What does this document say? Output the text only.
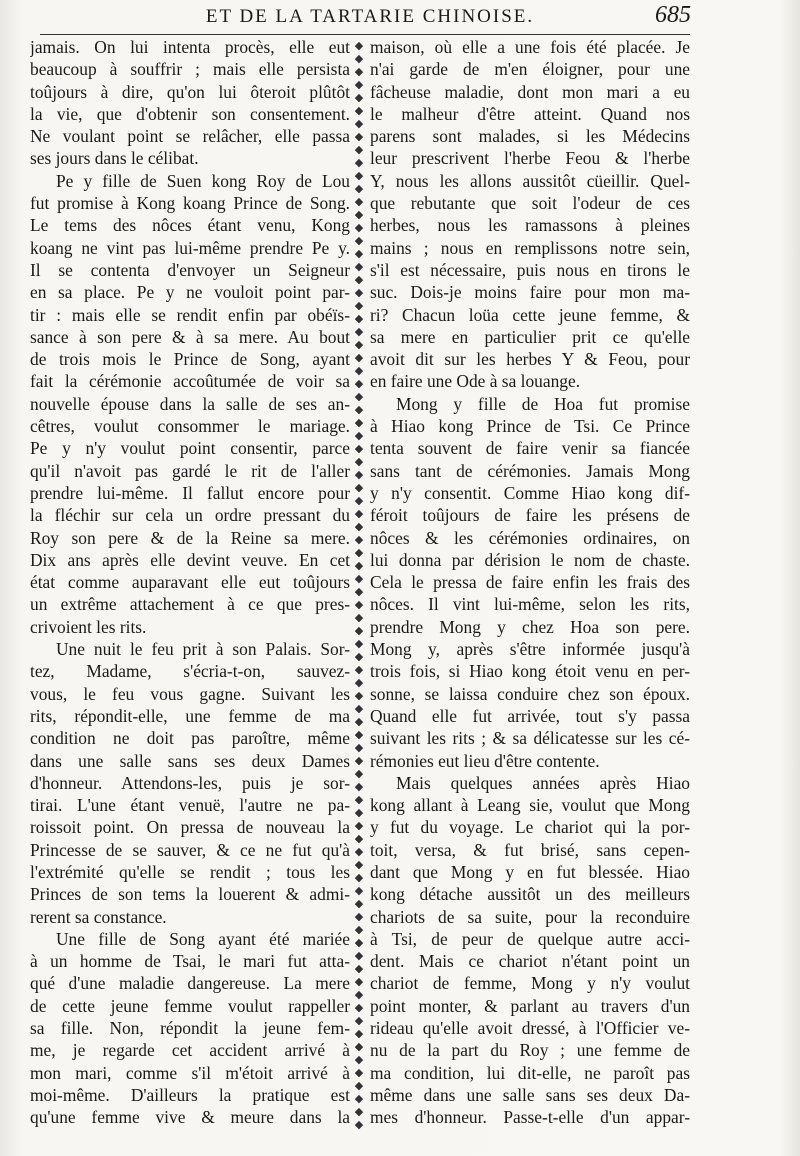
ET DE LA TARTARIE CHINOISE.	685
jamais. On lui intenta procès, elle eut
beaucoup à souffrir ; mais elle persista
toûjours à dire, qu'on lui ôteroit plûtôt
la vie, que d'obtenir son consentement.
Ne voulant point se relâcher, elle passa
ses jours dans le célibat.
Pe y fille de Suen kong Roy de Lou
fut promise à Kong koang Prince de Song.
Le tems des nôces étant venu, Kong
koang ne vint pas lui-même prendre Pe y.
Il se contenta d'envoyer un Seigneur
en sa place. Pe y ne vouloit point par-
tir : mais elle se rendit enfin par obéïs-
sance à son pere & à sa mere. Au bout
de trois mois le Prince de Song, ayant
fait la cérémonie accoûtumée de voir sa
nouvelle épouse dans la salle de ses an-
cêtres, voulut consommer le mariage.
Pe y n'y voulut point consentir, parce
qu'il n'avoit pas gardé le rit de l'aller
prendre lui-même. Il fallut encore pour
la fléchir sur cela un ordre pressant du
Roy son pere & de la Reine sa mere.
Dix ans après elle devint veuve. En cet
état comme auparavant elle eut toûjours
un extrême attachement à ce que pres-
crivoient les rits.
Une nuit le feu prit à son Palais. Sor-
tez, Madame, s'écria-t-on, sauvez-
vous, le feu vous gagne. Suivant les
rits, répondit-elle, une femme de ma
condition ne doit pas paroître, même
dans une salle sans ses deux Dames
d'honneur. Attendons-les, puis je sor-
tirai. L'une étant venuë, l'autre ne pa-
roissoit point. On pressa de nouveau la
Princesse de se sauver, & ce ne fut qu'à
l'extrémité qu'elle se rendit ; tous les
Princes de son tems la louerent & admi-
rerent sa constance.
Une fille de Song ayant été mariée
à un homme de Tsai, le mari fut atta-
qué d'une maladie dangereuse. La mere
de cette jeune femme voulut rappeller
sa fille. Non, répondit la jeune fem-
me, je regarde cet accident arrivé à
mon mari, comme s'il m'étoit arrivé à
moi-même. D'ailleurs la pratique est
qu'une femme vive & meure dans la
◆
◆
◆
◆
◆
◆
◆
◆
◆
◆
◆
◆
◆
◆
◆
◆
◆
◆
◆
◆
◆
◆
◆
◆
◆
◆
◆
◆
◆
◆
◆
◆
◆
◆
◆
◆
◆
◆
◆
◆
◆
◆
◆
◆
◆
◆
◆
◆
◆
◆
◆
◆
◆
◆
◆
◆
◆
◆
◆
◆
◆
◆
◆
◆
◆
◆
◆
◆
◆
◆
◆
◆
◆
◆
◆
◆
◆
◆
◆
◆
◆
◆
◆
◆
maison, où elle a une fois été placée. Je
n'ai garde de m'en éloigner, pour une
fâcheuse maladie, dont mon mari a eu
le malheur d'être atteint. Quand nos
parens sont malades, si les Médecins
leur prescrivent l'herbe Feou & l'herbe
Y, nous les allons aussitôt cüeillir. Quel-
que rebutante que soit l'odeur de ces
herbes, nous les ramassons à pleines
mains ; nous en remplissons notre sein,
s'il est nécessaire, puis nous en tirons le
suc. Dois-je moins faire pour mon ma-
ri? Chacun loüa cette jeune femme, &
sa mere en particulier prit ce qu'elle
avoit dit sur les herbes Y & Feou, pour
en faire une Ode à sa louange.
Mong y fille de Hoa fut promise
à Hiao kong Prince de Tsi. Ce Prince
tenta souvent de faire venir sa fiancée
sans tant de cérémonies. Jamais Mong
y n'y consentit. Comme Hiao kong dif-
féroit toûjours de faire les présens de
nôces & les cérémonies ordinaires, on
lui donna par dérision le nom de chaste.
Cela le pressa de faire enfin les frais des
nôces. Il vint lui-même, selon les rits,
prendre Mong y chez Hoa son pere.
Mong y, après s'être informée jusqu'à
trois fois, si Hiao kong étoit venu en per-
sonne, se laissa conduire chez son époux.
Quand elle fut arrivée, tout s'y passa
suivant les rits ; & sa délicatesse sur les cé-
rémonies eut lieu d'être contente.
Mais quelques années après Hiao
kong allant à Leang sie, voulut que Mong
y fut du voyage. Le chariot qui la por-
toit, versa, & fut brisé, sans cepen-
dant que Mong y en fut blessée. Hiao
kong détache aussitôt un des meilleurs
chariots de sa suite, pour la reconduire
à Tsi, de peur de quelque autre acci-
dent. Mais ce chariot n'étant point un
chariot de femme, Mong y n'y voulut
point monter, & parlant au travers d'un
rideau qu'elle avoit dressé, à l'Officier ve-
nu de la part du Roy ; une femme de
ma condition, lui dit-elle, ne paroît pas
même dans une salle sans ses deux Da-
mes d'honneur. Passe-t-elle d'un appar-
